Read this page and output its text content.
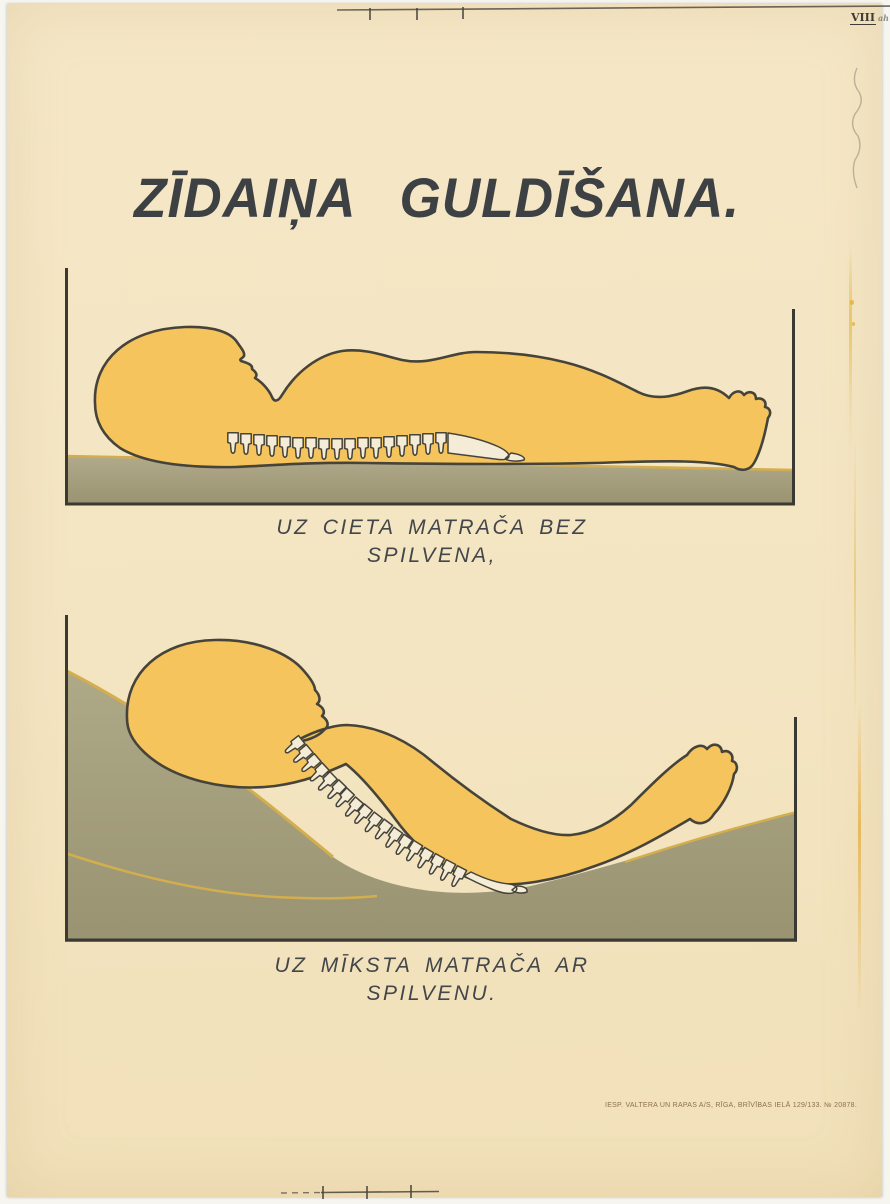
VIII ah
ZĪDAIŅA GULDĪŠANA.
UZ CIETA MATRAČA BEZ
SPILVENA,
UZ MĪKSTA MATRAČA AR
SPILVENU.
IESP. VALTERA UN RAPAS A/S, RĪGA, BRĪVĪBAS IELĀ 129/133. № 20878.
